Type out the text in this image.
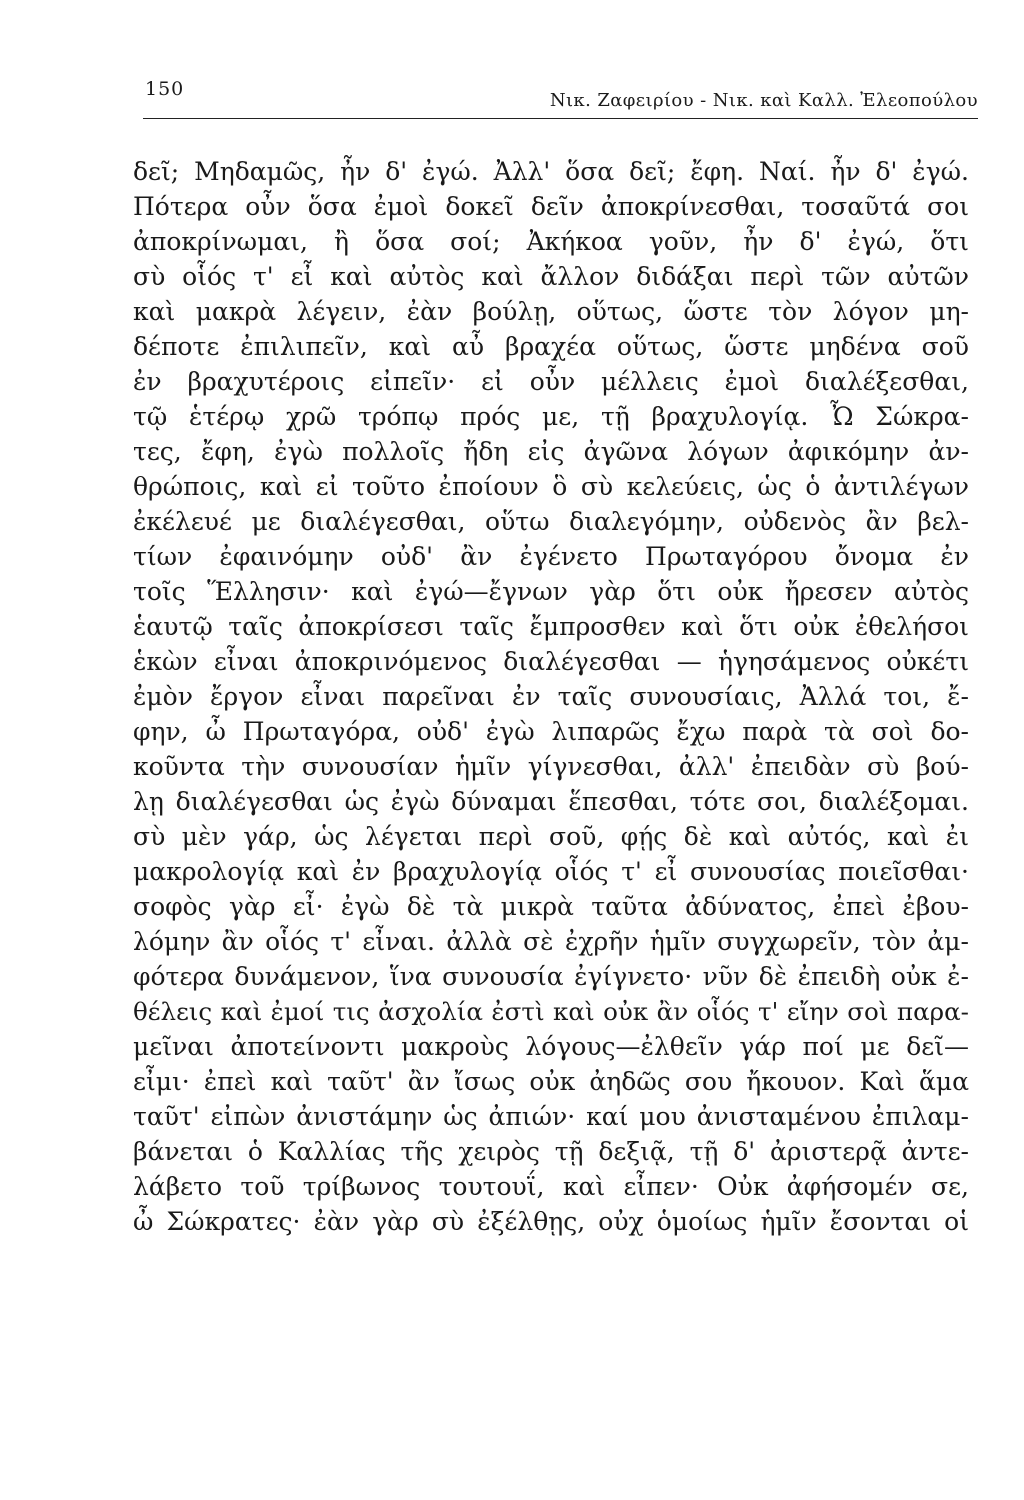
150
Νικ. Ζαφειρίου - Νικ. καὶ Καλλ. Ἐλεοπούλου
δεῖ; Μηδαμῶς, ἦν δ' ἐγώ. Ἀλλ' ὅσα δεῖ; ἔφη. Ναί. ἦν δ' ἐγώ.
Πότερα οὖν ὅσα ἐμοὶ δοκεῖ δεῖν ἀποκρίνεσθαι, τοσαῦτά σοι
ἀποκρίνωμαι, ἢ ὅσα σοί; Ἀκήκοα γοῦν, ἦν δ' ἐγώ, ὅτι
σὺ οἷός τ' εἶ καὶ αὐτὸς καὶ ἄλλον διδάξαι περὶ τῶν αὐτῶν
καὶ μακρὰ λέγειν, ἐὰν βούλῃ, οὕτως, ὥστε τὸν λόγον μη-
δέποτε ἐπιλιπεῖν, καὶ αὖ βραχέα οὕτως, ὥστε μηδένα σοῦ
ἐν βραχυτέροις εἰπεῖν· εἰ οὖν μέλλεις ἐμοὶ διαλέξεσθαι,
τῷ ἑτέρῳ χρῶ τρόπῳ πρός με, τῇ βραχυλογίᾳ. Ὦ Σώκρα-
τες, ἔφη, ἐγὼ πολλοῖς ἤδη εἰς ἀγῶνα λόγων ἀφικόμην ἀν-
θρώποις, καὶ εἰ τοῦτο ἐποίουν ὃ σὺ κελεύεις, ὡς ὁ ἀντιλέγων
ἐκέλευέ με διαλέγεσθαι, οὕτω διαλεγόμην, οὐδενὸς ἂν βελ-
τίων ἐφαινόμην οὐδ' ἂν ἐγένετο Πρωταγόρου ὄνομα ἐν
τοῖς Ἕλλησιν· καὶ ἐγώ—ἔγνων γὰρ ὅτι οὐκ ἤρεσεν αὐτὸς
ἑαυτῷ ταῖς ἀποκρίσεσι ταῖς ἔμπροσθεν καὶ ὅτι οὐκ ἐθελήσοι
ἑκὼν εἶναι ἀποκρινόμενος διαλέγεσθαι — ἡγησάμενος οὐκέτι
ἐμὸν ἔργον εἶναι παρεῖναι ἐν ταῖς συνουσίαις, Ἀλλά τοι, ἔ-
φην, ὦ Πρωταγόρα, οὐδ' ἐγὼ λιπαρῶς ἔχω παρὰ τὰ σοὶ δο-
κοῦντα τὴν συνουσίαν ἡμῖν γίγνεσθαι, ἀλλ' ἐπειδὰν σὺ βού-
λῃ διαλέγεσθαι ὡς ἐγὼ δύναμαι ἕπεσθαι, τότε σοι, διαλέξομαι.
σὺ μὲν γάρ, ὡς λέγεται περὶ σοῦ, φῄς δὲ καὶ αὐτός, καὶ ἐι
μακρολογίᾳ καὶ ἐν βραχυλογίᾳ οἷός τ' εἶ συνουσίας ποιεῖσθαι·
σοφὸς γὰρ εἶ· ἐγὼ δὲ τὰ μικρὰ ταῦτα ἀδύνατος, ἐπεὶ ἐβου-
λόμην ἂν οἷός τ' εἶναι. ἀλλὰ σὲ ἐχρῆν ἡμῖν συγχωρεῖν, τὸν ἀμ-
φότερα δυνάμενον, ἵνα συνουσία ἐγίγνετο· νῦν δὲ ἐπειδὴ οὐκ ἐ-
θέλεις καὶ ἐμοί τις ἀσχολία ἐστὶ καὶ οὐκ ἂν οἷός τ' εἴην σοὶ παρα-
μεῖναι ἀποτείνοντι μακροὺς λόγους—ἐλθεῖν γάρ ποί με δεῖ—
εἶμι· ἐπεὶ καὶ ταῦτ' ἂν ἴσως οὐκ ἀηδῶς σου ἤκουον. Καὶ ἅμα
ταῦτ' εἰπὼν ἀνιστάμην ὡς ἀπιών· καί μου ἀνισταμένου ἐπιλαμ-
βάνεται ὁ Καλλίας τῆς χειρὸς τῇ δεξιᾷ, τῇ δ' ἀριστερᾷ ἀντε-
λάβετο τοῦ τρίβωνος τουτουΐ, καὶ εἶπεν· Οὐκ ἀφήσομέν σε,
ὦ Σώκρατες· ἐὰν γὰρ σὺ ἐξέλθῃς, οὐχ ὁμοίως ἡμῖν ἔσονται οἱ
